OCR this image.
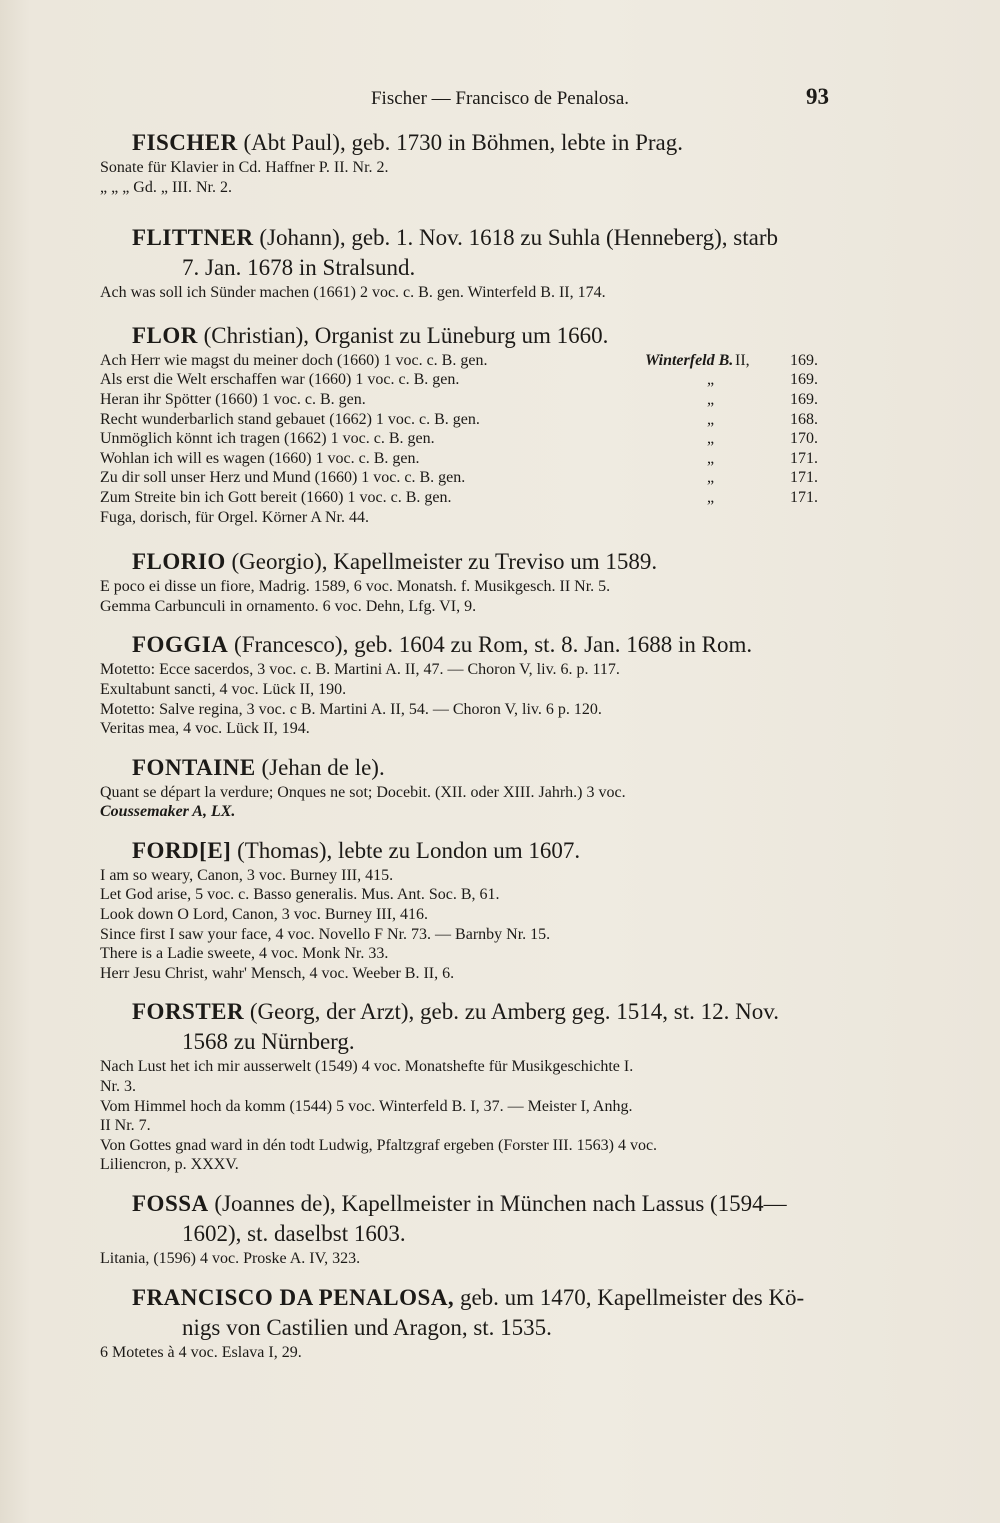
Fischer — Francisco de Penalosa.	93
FISCHER (Abt Paul), geb. 1730 in Böhmen, lebte in Prag.
Sonate für Klavier in Cd. Haffner P. II. Nr. 2.
„ „ „ Gd. „ III. Nr. 2.
FLITTNER (Johann), geb. 1. Nov. 1618 zu Suhla (Henneberg), starb
7. Jan. 1678 in Stralsund.
Ach was soll ich Sünder machen (1661) 2 voc. c. B. gen. Winterfeld B. II, 174.
FLOR (Christian), Organist zu Lüneburg um 1660.
Ach Herr wie magst du meiner doch (1660) 1 voc. c. B. gen.	Winterfeld B. II,	169.
Als erst die Welt erschaffen war (1660) 1 voc. c. B. gen.	„	169.
Heran ihr Spötter (1660) 1 voc. c. B. gen.	„	169.
Recht wunderbarlich stand gebauet (1662) 1 voc. c. B. gen.	„	168.
Unmöglich könnt ich tragen (1662) 1 voc. c. B. gen.	„	170.
Wohlan ich will es wagen (1660) 1 voc. c. B. gen.	„	171.
Zu dir soll unser Herz und Mund (1660) 1 voc. c. B. gen.	„	171.
Zum Streite bin ich Gott bereit (1660) 1 voc. c. B. gen.	„	171.
Fuga, dorisch, für Orgel. Körner A Nr. 44.
FLORIO (Georgio), Kapellmeister zu Treviso um 1589.
E poco ei disse un fiore, Madrig. 1589, 6 voc. Monatsh. f. Musikgesch. II Nr. 5.
Gemma Carbunculi in ornamento. 6 voc. Dehn, Lfg. VI, 9.
FOGGIA (Francesco), geb. 1604 zu Rom, st. 8. Jan. 1688 in Rom.
Motetto: Ecce sacerdos, 3 voc. c. B. Martini A. II, 47. — Choron V, liv. 6. p. 117.
Exultabunt sancti, 4 voc. Lück II, 190.
Motetto: Salve regina, 3 voc. c B. Martini A. II, 54. — Choron V, liv. 6 p. 120.
Veritas mea, 4 voc. Lück II, 194.
FONTAINE (Jehan de le).
Quant se départ la verdure; Onques ne sot; Docebit. (XII. oder XIII. Jahrh.) 3 voc.
Coussemaker A, LX.
FORD[E] (Thomas), lebte zu London um 1607.
I am so weary, Canon, 3 voc. Burney III, 415.
Let God arise, 5 voc. c. Basso generalis. Mus. Ant. Soc. B, 61.
Look down O Lord, Canon, 3 voc. Burney III, 416.
Since first I saw your face, 4 voc. Novello F Nr. 73. — Barnby Nr. 15.
There is a Ladie sweete, 4 voc. Monk Nr. 33.
Herr Jesu Christ, wahr' Mensch, 4 voc. Weeber B. II, 6.
FORSTER (Georg, der Arzt), geb. zu Amberg geg. 1514, st. 12. Nov.
1568 zu Nürnberg.
Nach Lust het ich mir ausserwelt (1549) 4 voc. Monatshefte für Musikgeschichte I.
Nr. 3.
Vom Himmel hoch da komm (1544) 5 voc. Winterfeld B. I, 37. — Meister I, Anhg.
II Nr. 7.
Von Gottes gnad ward in dén todt Ludwig, Pfaltzgraf ergeben (Forster III. 1563) 4 voc.
Liliencron, p. XXXV.
FOSSA (Joannes de), Kapellmeister in München nach Lassus (1594—
1602), st. daselbst 1603.
Litania, (1596) 4 voc. Proske A. IV, 323.
FRANCISCO DA PENALOSA, geb. um 1470, Kapellmeister des Kö-
nigs von Castilien und Aragon, st. 1535.
6 Motetes à 4 voc. Eslava I, 29.
